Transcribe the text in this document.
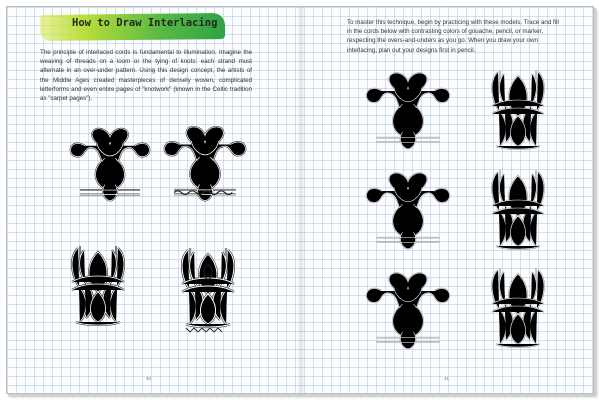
How to Draw Interlacing
The principle of interlaced cords is fundamental to illumination. Imagine the weaving of threads on a loom or the tying of knots: each strand must alternate in an over-under pattern. Using this design concept, the artists of the Middle Ages created masterpieces of densely woven, complicated letterforms and even entire pages of "knotwork" (known in the Celtic tradition as "carpet pages").
To master this technique, begin by practicing with these models. Trace and fill in the cords below with contrasting colors of gouache, pencil, or marker, respecting the overs-and-unders as you go. When you draw your own interlacing, plan out your designs first in pencil.
40	41
